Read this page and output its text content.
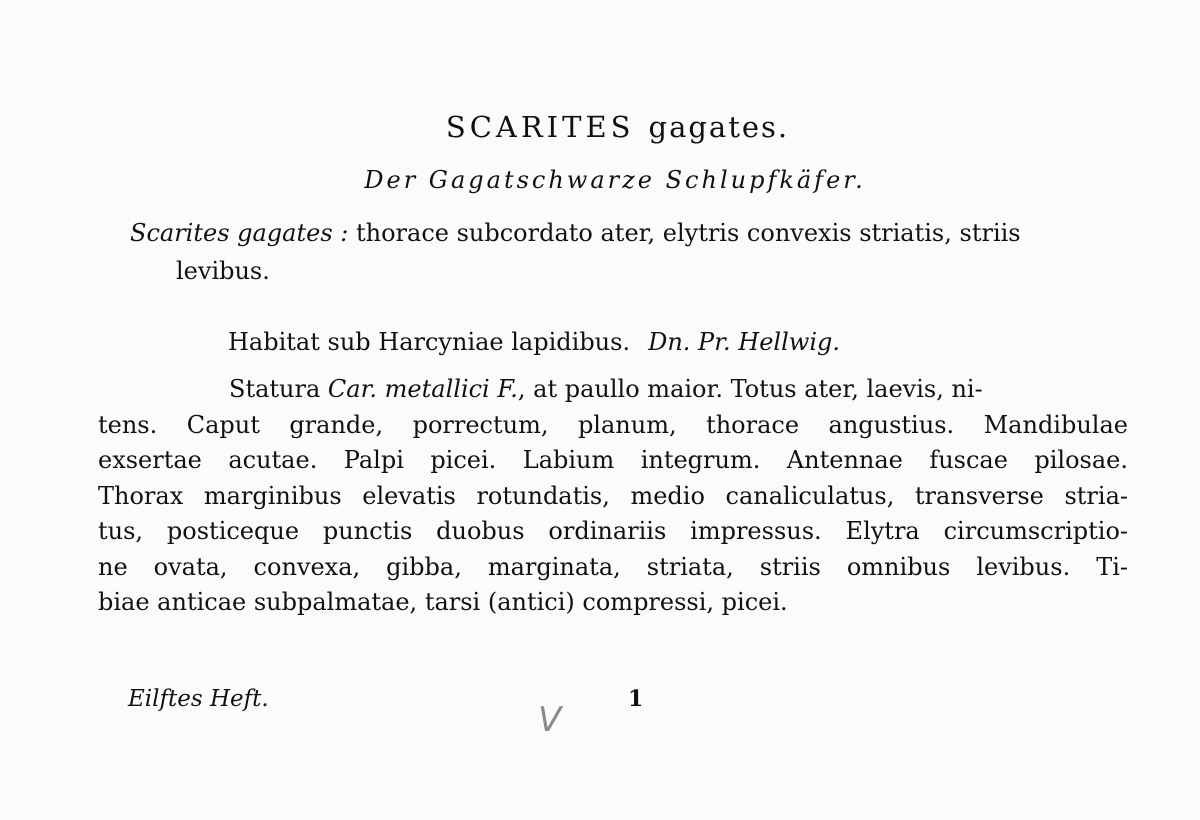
SCARITES gagates.
Der Gagatschwarze Schlupfkäfer.
Scarites gagates : thorace subcordato ater, elytris convexis striatis, striis
levibus.
Habitat sub Harcyniae lapidibus. Dn. Pr. Hellwig.
Statura Car. metallici F., at paullo maior. Totus ater, laevis, ni-
tens. Caput grande, porrectum, planum, thorace angustius. Mandibulae
exsertae acutae. Palpi picei. Labium integrum. Antennae fuscae pilosae.
Thorax marginibus elevatis rotundatis, medio canaliculatus, transverse stria-
tus, posticeque punctis duobus ordinariis impressus. Elytra circumscriptio-
ne ovata, convexa, gibba, marginata, striata, striis omnibus levibus. Ti-
biae anticae subpalmatae, tarsi (antici) compressi, picei.
Eilftes Heft.
V
1
